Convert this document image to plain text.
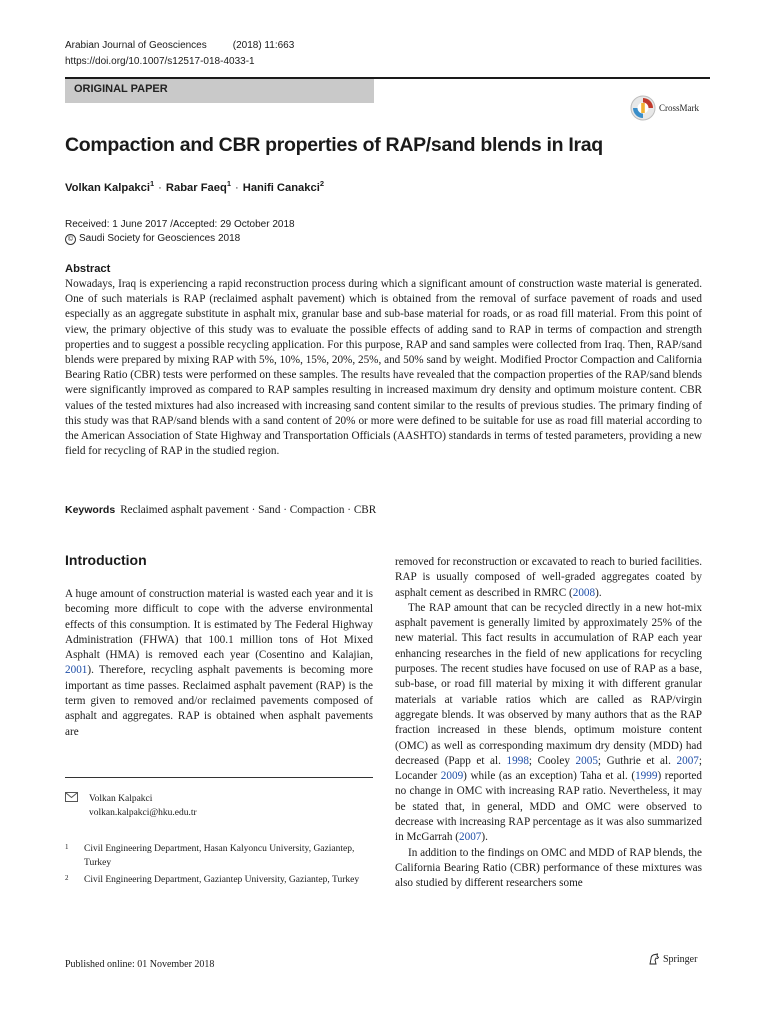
Arabian Journal of Geosciences	(2018) 11:663
https://doi.org/10.1007/s12517-018-4033-1
ORIGINAL PAPER
CrossMark
Compaction and CBR properties of RAP/sand blends in Iraq
Volkan Kalpakci$^1$ · Rabar Faeq$^1$ · Hanifi Canakci$^2$
Received: 1 June 2017 /Accepted: 29 October 2018
© Saudi Society for Geosciences 2018
Abstract

Nowadays, Iraq is experiencing a rapid reconstruction process during which a significant amount of construction waste material is generated. One of such materials is RAP (reclaimed asphalt pavement) which is obtained from the removal of surface pavement of roads and used especially as an aggregate substitute in asphalt mix, granular base and sub-base material for roads, or as road fill material. From this point of view, the primary objective of this study was to evaluate the possible effects of adding sand to RAP in terms of compaction and strength properties and to suggest a possible recycling application. For this purpose, RAP and sand samples were collected from Iraq. Then, RAP/sand blends were prepared by mixing RAP with 5%, 10%, 15%, 20%, 25%, and 50% sand by weight. Modified Proctor Compaction and California Bearing Ratio (CBR) tests were performed on these samples. The results have revealed that the compaction properties of the RAP/sand blends were significantly improved as compared to RAP samples resulting in increased maximum dry density and optimum moisture content. CBR values of the tested mixtures had also increased with increasing sand content similar to the results of previous studies. The primary finding of this study was that RAP/sand blends with a sand content of 20% or more were defined to be suitable for use as road fill material according to the American Association of State Highway and Transportation Officials (AASHTO) standards in terms of tested parameters, providing a new field for recycling of RAP in the studied region.

Keywords Reclaimed asphalt pavement · Sand · Compaction · CBR
Introduction

A huge amount of construction material is wasted each year and it is becoming more difficult to cope with the adverse environmental effects of this consumption. It is estimated by The Federal Highway Administration (FHWA) that 100.1 million tons of Hot Mixed Asphalt (HMA) is removed each year (Cosentino and Kalajian, 2001). Therefore, recycling asphalt pavements is becoming more important as time passes. Reclaimed asphalt pavement (RAP) is the term given to removed and/or reclaimed pavements composed of asphalt and aggregates. RAP is obtained when asphalt pavements are

removed for reconstruction or excavated to reach to buried facilities. RAP is usually composed of well-graded aggregates coated by asphalt cement as described in RMRC (2008).

The RAP amount that can be recycled directly in a new hot-mix asphalt pavement is generally limited by approximately 25% of the new material. This fact results in accumulation of RAP each year enhancing researches in the field of new applications for recycling purposes. The recent studies have focused on use of RAP as a base, sub-base, or road fill material by mixing it with different granular materials at variable ratios which are called as RAP/virgin aggregate blends. It was observed by many authors that as the RAP fraction increased in these blends, optimum moisture content (OMC) as well as corresponding maximum dry density (MDD) had decreased (Papp et al. 1998; Cooley 2005; Guthrie et al. 2007; Locander 2009) while (as an exception) Taha et al. (1999) reported no change in OMC with increasing RAP ratio. Nevertheless, it may be stated that, in general, MDD and OMC were observed to decrease with increasing RAP percentage as it was also summarized in McGarrah (2007).

In addition to the findings on OMC and MDD of RAP blends, the California Bearing Ratio (CBR) performance of these mixtures was also studied by different researchers some

Volkan Kalpakci
volkan.kalpakci@hku.edu.tr
1 Civil Engineering Department, Hasan Kalyoncu University, Gaziantep, Turkey
2 Civil Engineering Department, Gaziantep University, Gaziantep, Turkey
Published online: 01 November 2018	Springer
